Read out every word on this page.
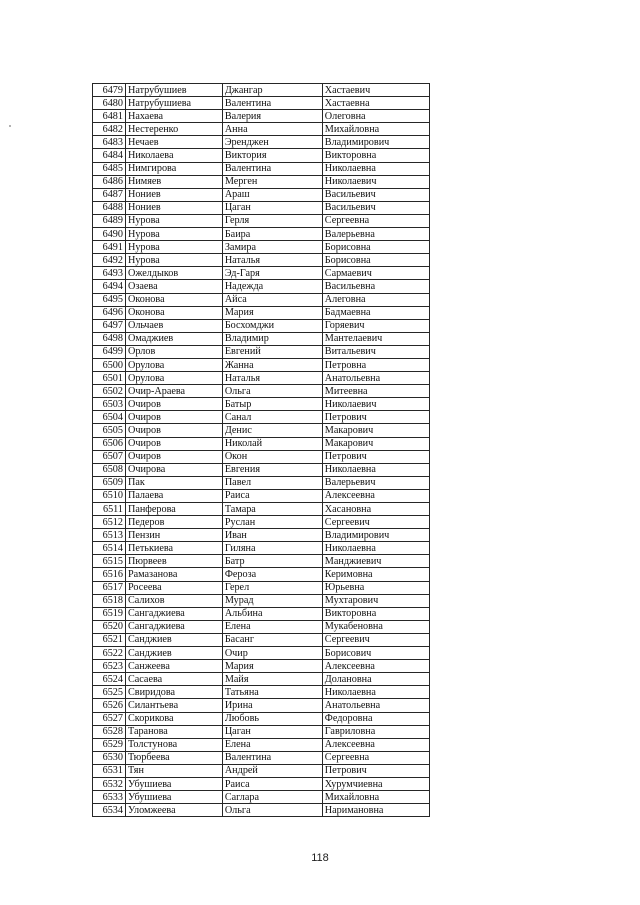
6479	Натрубушиев	Джангар	Хастаевич
6480	Натрубушиева	Валентина	Хастаевна
6481	Нахаева	Валерия	Олеговна
6482	Нестеренко	Анна	Михайловна
6483	Нечаев	Эренджен	Владимирович
6484	Николаева	Виктория	Викторовна
6485	Нимгирова	Валентина	Николаевна
6486	Нимяев	Мерген	Николаевич
6487	Нониев	Араш	Васильевич
6488	Нониев	Цаган	Васильевич
6489	Нурова	Герля	Сергеевна
6490	Нурова	Баира	Валерьевна
6491	Нурова	Замира	Борисовна
6492	Нурова	Наталья	Борисовна
6493	Ожелдыков	Эд-Гаря	Сармаевич
6494	Озаева	Надежда	Васильевна
6495	Оконова	Айса	Алеговна
6496	Оконова	Мария	Бадмаевна
6497	Ольчаев	Босхомджи	Горяевич
6498	Омаджиев	Владимир	Мантелаевич
6499	Орлов	Евгений	Витальевич
6500	Орулова	Жанна	Петровна
6501	Орулова	Наталья	Анатольевна
6502	Очир-Араева	Ольга	Митеевна
6503	Очиров	Батыр	Николаевич
6504	Очиров	Санал	Петрович
6505	Очиров	Денис	Макарович
6506	Очиров	Николай	Макарович
6507	Очиров	Окон	Петрович
6508	Очирова	Евгения	Николаевна
6509	Пак	Павел	Валерьевич
6510	Палаева	Раиса	Алексеевна
6511	Панферова	Тамара	Хасановна
6512	Педеров	Руслан	Сергеевич
6513	Пензин	Иван	Владимирович
6514	Петькиева	Гиляна	Николаевна
6515	Пюрвеев	Батр	Манджиевич
6516	Рамазанова	Фероза	Керимовна
6517	Росеева	Герел	Юрьевна
6518	Салихов	Мурад	Мухтарович
6519	Сангаджиева	Альбина	Викторовна
6520	Сангаджиева	Елена	Мукабеновна
6521	Санджиев	Басанг	Сергеевич
6522	Санджиев	Очир	Борисович
6523	Санжеева	Мария	Алексеевна
6524	Сасаева	Майя	Долановна
6525	Свиридова	Татьяна	Николаевна
6526	Силантьева	Ирина	Анатольевна
6527	Скорикова	Любовь	Федоровна
6528	Таранова	Цаган	Гавриловна
6529	Толстунова	Елена	Алексеевна
6530	Тюрбеева	Валентина	Сергеевна
6531	Тян	Андрей	Петрович
6532	Убушиева	Раиса	Хурумчиевна
6533	Убушиева	Саглара	Михайловна
6534	Уломжеева	Ольга	Наримановна
118
